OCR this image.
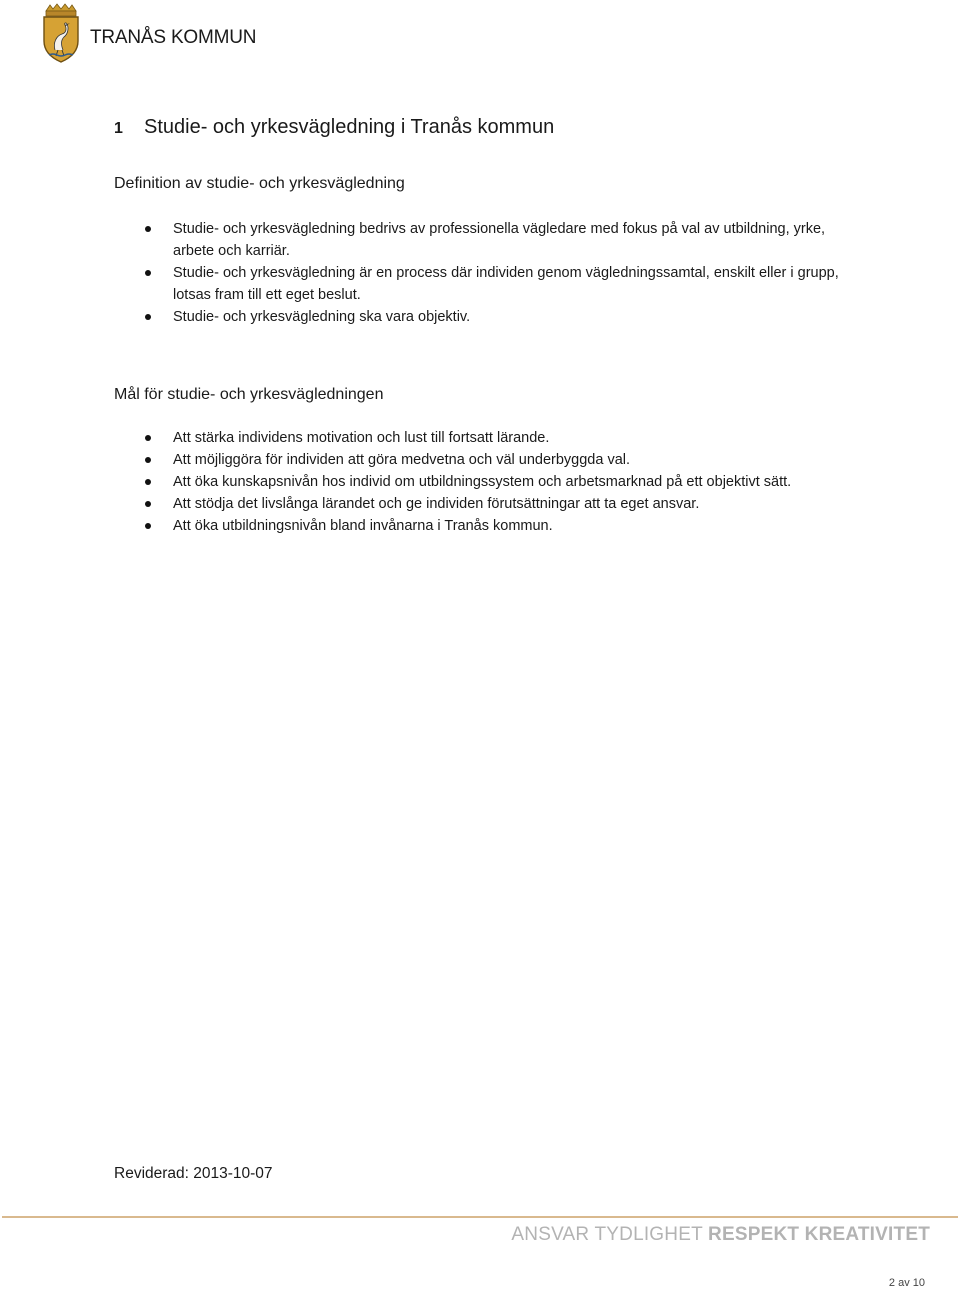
TRANÅS KOMMUN
1	Studie- och yrkesvägledning i Tranås kommun
Definition av studie- och yrkesvägledning
Studie- och yrkesvägledning bedrivs av professionella vägledare med fokus på val av utbildning, yrke, arbete och karriär.
Studie- och yrkesvägledning är en process där individen genom vägledningssamtal, enskilt eller i grupp, lotsas fram till ett eget beslut.
Studie- och yrkesvägledning ska vara objektiv.
Mål för studie- och yrkesvägledningen
Att stärka individens motivation och lust till fortsatt lärande.
Att möjliggöra för individen att göra medvetna och väl underbyggda val.
Att öka kunskapsnivån hos individ om utbildningssystem och arbetsmarknad på ett objektivt sätt.
Att stödja det livslånga lärandet och ge individen förutsättningar att ta eget ansvar.
Att öka utbildningsnivån bland invånarna i Tranås kommun.
Reviderad: 2013-10-07
ANSVAR TYDLIGHET RESPEKT KREATIVITET
2 av 10
